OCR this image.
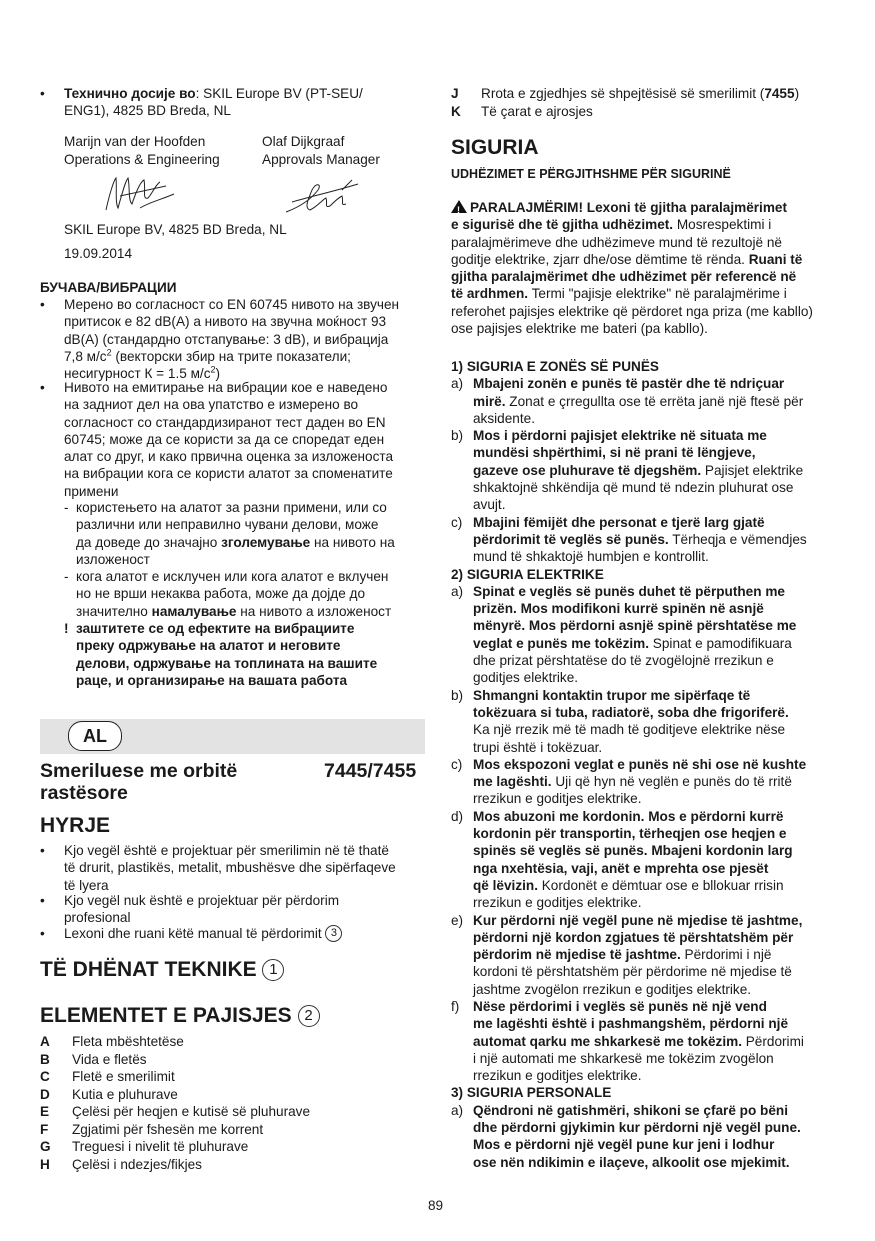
• Технично досије во: SKIL Europe BV (PT-SEU/
ENG1), 4825 BD Breda, NL
Marijn van der Hoofden
Operations & Engineering
Olaf Dijkgraaf
Approvals Manager
SKIL Europe BV, 4825 BD Breda, NL
19.09.2014
БУЧАВА/ВИБРАЦИИ
• Мерено во согласност со EN 60745 нивото на звучен
притисок е 82 dB(A) а нивото на звучна моќност 93
dB(A) (стандардно отстапување: 3 dB), и вибрација
7,8 $м/с^2$ (векторски збир на трите показатели;
несигурност К = 1.5 $м/с^2$)
• Нивото на емитирање на вибрации кое е наведено
на задниот дел на ова упатство е измерено во
согласност со стандардизиранот тест даден во EN
60745; може да се користи за да се споредат еден
алат со друг, и како првична оценка за изложеноста
на вибрации кога се користи алатот за споменатите
примени
- користењето на алатот за разни примени, или со
различни или неправилно чувани делови, може
да доведе до значајно зголемување на нивото на
изложеност
- кога алатот е исклучен или кога алатот е вклучен
но не врши некаква работа, може да дојде до
значително намалување на нивото а изложеност
! заштитете се од ефектите на вибрациите
преку одржување на алатот и неговите
делови, одржување на топлината на вашите
раце, и организирање на вашата работа
AL
Smeriluese me orbitë
rastësore
7445/7455
HYRJE
• Kjo vegël është e projektuar për smerilimin në të thatë
të drurit, plastikës, metalit, mbushësve dhe sipërfaqeve
të lyera
• Kjo vegël nuk është e projektuar për përdorim
profesional
• Lexoni dhe ruani këtë manual të përdorimit 3
TË DHËNAT TEKNIKE 1
ELEMENTET E PAJISJES 2
A Fleta mbështetëse
B Vida e fletës
C Fletë e smerilimit
D Kutia e pluhurave
E Çelësi për heqjen e kutisë së pluhurave
F Zgjatimi për fshesën me korrent
G Treguesi i nivelit të pluhurave
H Çelësi i ndezjes/fikjes
J Rrota e zgjedhjes së shpejtësisë së smerilimit (7455)
K Të çarat e ajrosjes
SIGURIA
UDHËZIMET E PËRGJITHSHME PËR SIGURINË
! PARALAJMËRIM! Lexoni të gjitha paralajmërimet
e sigurisë dhe të gjitha udhëzimet. Mosrespektimi i
paralajmërimeve dhe udhëzimeve mund të rezultojë në
goditje elektrike, zjarr dhe/ose dëmtime të rënda. Ruani të
gjitha paralajmërimet dhe udhëzimet për referencë në
të ardhmen. Termi "pajisje elektrike" në paralajmërime i
referohet pajisjes elektrike që përdoret nga priza (me kabllo)
ose pajisjes elektrike me bateri (pa kabllo).
1) SIGURIA E ZONËS SË PUNËS
a) Mbajeni zonën e punës të pastër dhe të ndriçuar
mirë. Zonat e çrregullta ose të errëta janë një ftesë për
aksidente.
b) Mos i përdorni pajisjet elektrike në situata me
mundësi shpërthimi, si në prani të lëngjeve,
gazeve ose pluhurave të djegshëm. Pajisjet elektrike
shkaktojnë shkëndija që mund të ndezin pluhurat ose
avujt.
c) Mbajini fëmijët dhe personat e tjerë larg gjatë
përdorimit të veglës së punës. Tërheqja e vëmendjes
mund të shkaktojë humbjen e kontrollit.
2) SIGURIA ELEKTRIKE
a) Spinat e veglës së punës duhet të përputhen me
prizën. Mos modifikoni kurrë spinën në asnjë
mënyrë. Mos përdorni asnjë spinë përshtatëse me
veglat e punës me tokëzim. Spinat e pamodifikuara
dhe prizat përshtatëse do të zvogëlojnë rrezikun e
goditjes elektrike.
b) Shmangni kontaktin trupor me sipërfaqe të
tokëzuara si tuba, radiatorë, soba dhe frigoriferë.
Ka një rrezik më të madh të goditjeve elektrike nëse
trupi është i tokëzuar.
c) Mos ekspozoni veglat e punës në shi ose në kushte
me lagështi. Uji që hyn në veglën e punës do të rritë
rrezikun e goditjes elektrike.
d) Mos abuzoni me kordonin. Mos e përdorni kurrë
kordonin për transportin, tërheqjen ose heqjen e
spinës së veglës së punës. Mbajeni kordonin larg
nga nxehtësia, vaji, anët e mprehta ose pjesët
që lëvizin. Kordonët e dëmtuar ose e bllokuar rrisin
rrezikun e goditjes elektrike.
e) Kur përdorni një vegël pune në mjedise të jashtme,
përdorni një kordon zgjatues të përshtatshëm për
përdorim në mjedise të jashtme. Përdorimi i një
kordoni të përshtatshëm për përdorime në mjedise të
jashtme zvogëlon rrezikun e goditjes elektrike.
f) Nëse përdorimi i veglës së punës në një vend
me lagështi është i pashmangshëm, përdorni një
automat qarku me shkarkesë me tokëzim. Përdorimi
i një automati me shkarkesë me tokëzim zvogëlon
rrezikun e goditjes elektrike.
3) SIGURIA PERSONALE
a) Qëndroni në gatishmëri, shikoni se çfarë po bëni
dhe përdorni gjykimin kur përdorni një vegël pune.
Mos e përdorni një vegël pune kur jeni i lodhur
ose nën ndikimin e ilaçeve, alkoolit ose mjekimit.
89
